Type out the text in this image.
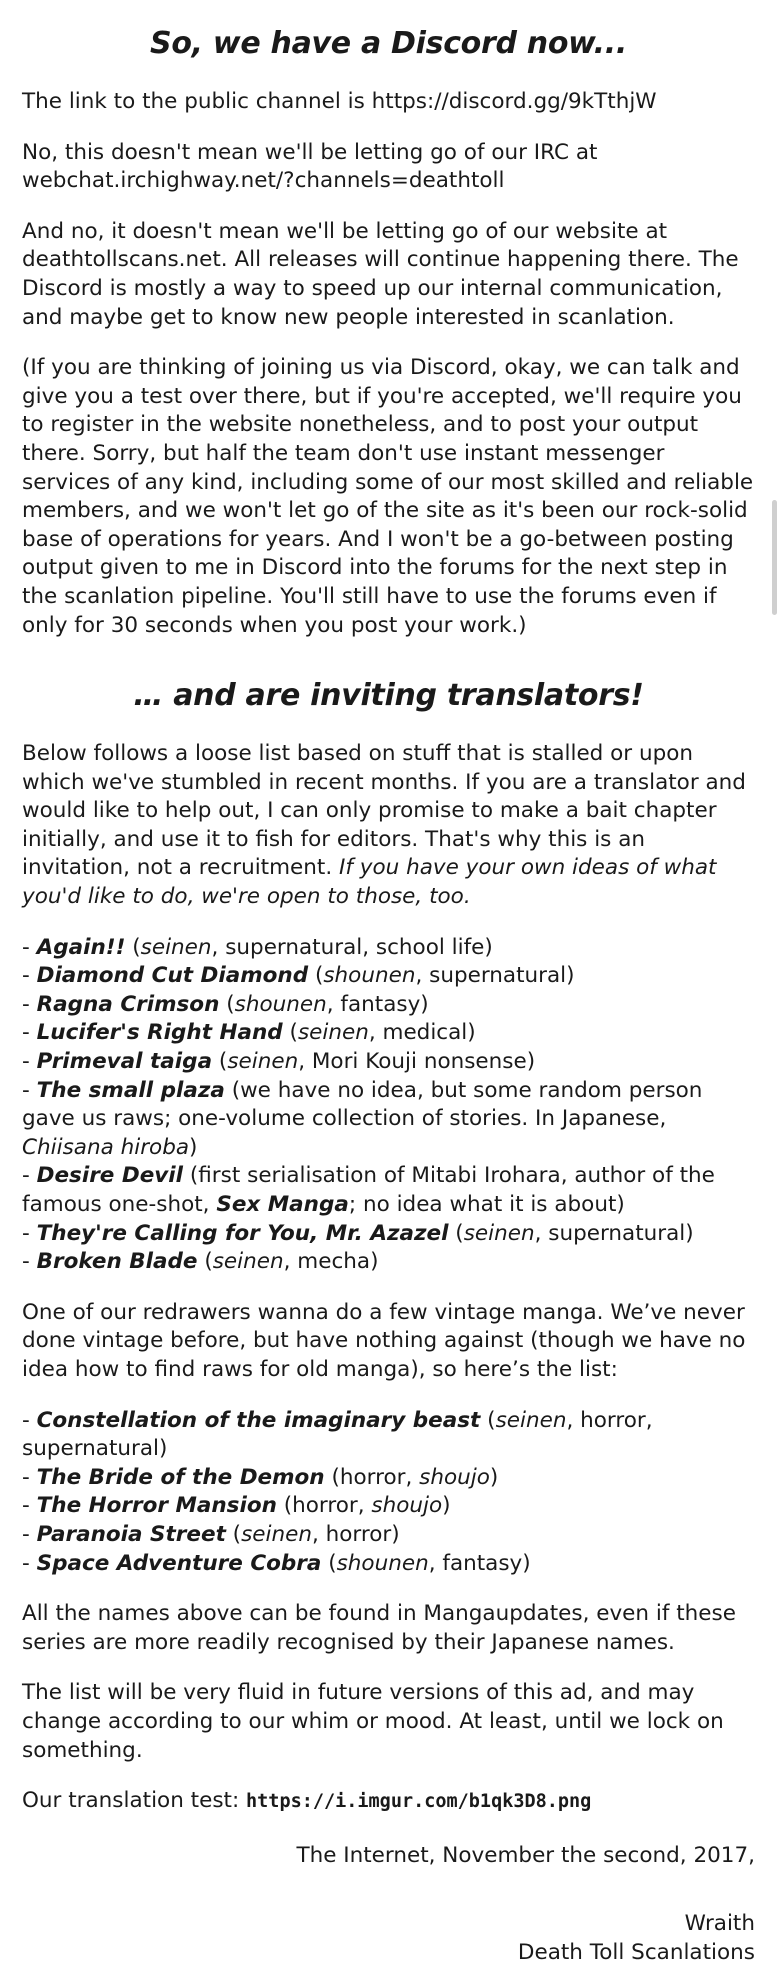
So, we have a Discord now...

The link to the public channel is https://discord.gg/9kTthjW

No, this doesn't mean we'll be letting go of our IRC at webchat.irchighway.net/?channels=deathtoll

And no, it doesn't mean we'll be letting go of our website at deathtollscans.net. All releases will continue happening there. The Discord is mostly a way to speed up our internal communication, and maybe get to know new people interested in scanlation.

(If you are thinking of joining us via Discord, okay, we can talk and give you a test over there, but if you're accepted, we'll require you to register in the website nonetheless, and to post your output there. Sorry, but half the team don't use instant messenger services of any kind, including some of our most skilled and reliable members, and we won't let go of the site as it's been our rock-solid base of operations for years. And I won't be a go-between posting output given to me in Discord into the forums for the next step in the scanlation pipeline. You'll still have to use the forums even if only for 30 seconds when you post your work.)

… and are inviting translators!

Below follows a loose list based on stuff that is stalled or upon which we've stumbled in recent months. If you are a translator and would like to help out, I can only promise to make a bait chapter initially, and use it to fish for editors. That's why this is an invitation, not a recruitment. If you have your own ideas of what you'd like to do, we're open to those, too.

- Again!! (seinen, supernatural, school life)
- Diamond Cut Diamond (shounen, supernatural)
- Ragna Crimson (shounen, fantasy)
- Lucifer's Right Hand (seinen, medical)
- Primeval taiga (seinen, Mori Kouji nonsense)
- The small plaza (we have no idea, but some random person gave us raws; one-volume collection of stories. In Japanese, Chiisana hiroba)
- Desire Devil (first serialisation of Mitabi Irohara, author of the famous one-shot, Sex Manga; no idea what it is about)
- They're Calling for You, Mr. Azazel (seinen, supernatural)
- Broken Blade (seinen, mecha)

One of our redrawers wanna do a few vintage manga. We’ve never done vintage before, but have nothing against (though we have no idea how to find raws for old manga), so here’s the list:

- Constellation of the imaginary beast (seinen, horror, supernatural)
- The Bride of the Demon (horror, shoujo)
- The Horror Mansion (horror, shoujo)
- Paranoia Street (seinen, horror)
- Space Adventure Cobra (shounen, fantasy)

All the names above can be found in Mangaupdates, even if these series are more readily recognised by their Japanese names.

The list will be very fluid in future versions of this ad, and may change according to our whim or mood. At least, until we lock on something.

Our translation test: https://i.imgur.com/b1qk3D8.png

The Internet, November the second, 2017,
Wraith
Death Toll Scanlations
